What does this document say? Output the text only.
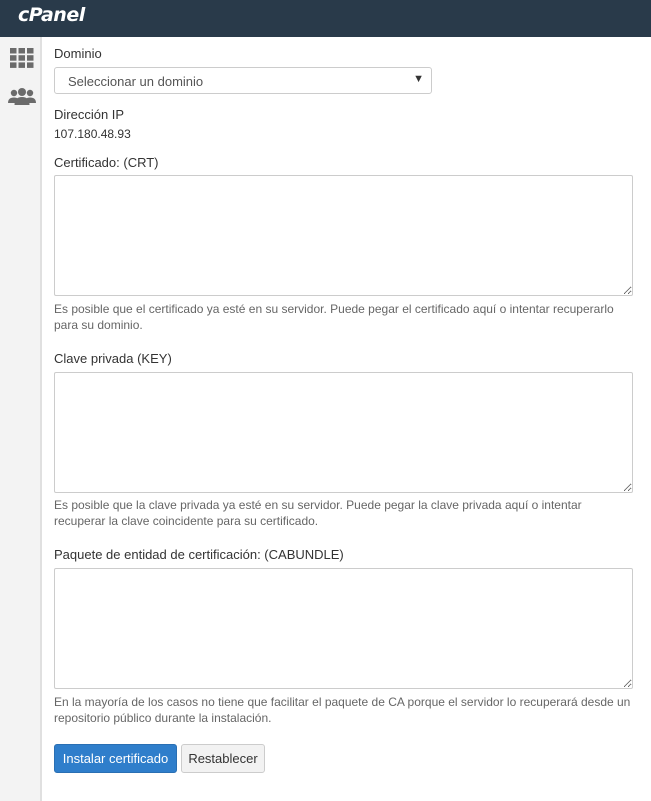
cPanel
Dominio
Seleccionar un dominio	▼
Dirección IP
107.180.48.93
Certificado: (CRT)
Es posible que el certificado ya esté en su servidor. Puede pegar el certificado aquí o intentar recuperarlo para su dominio.
Clave privada (KEY)
Es posible que la clave privada ya esté en su servidor. Puede pegar la clave privada aquí o intentar recuperar la clave coincidente para su certificado.
Paquete de entidad de certificación: (CABUNDLE)
En la mayoría de los casos no tiene que facilitar el paquete de CA porque el servidor lo recuperará desde un repositorio público durante la instalación.
Instalar certificado	Restablecer
